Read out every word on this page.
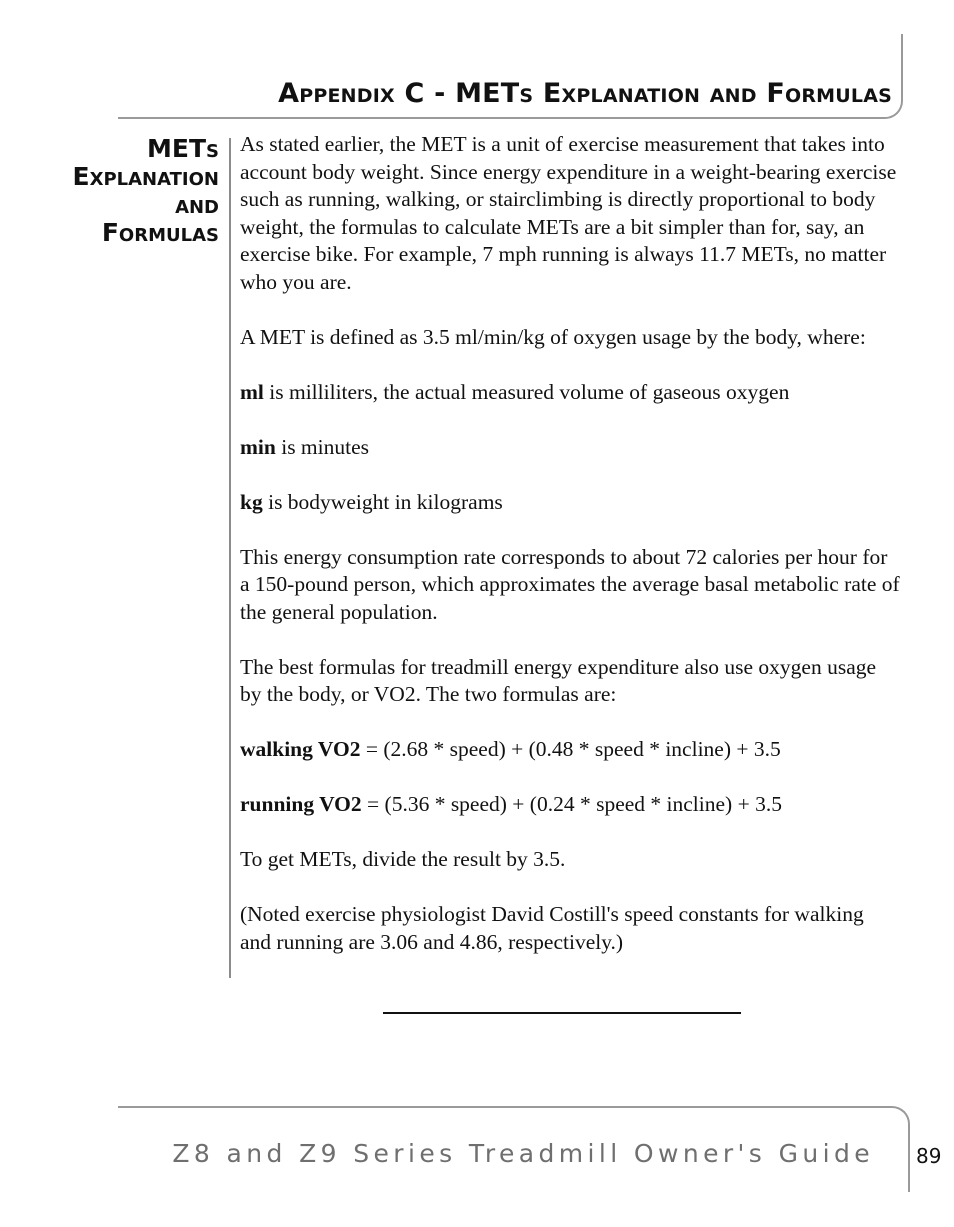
Appendix C - METs Explanation and Formulas
METs
Explanation
and
Formulas

As stated earlier, the MET is a unit of exercise measurement that takes into account body weight. Since energy expenditure in a weight-bearing exercise such as running, walking, or stairclimbing is directly proportional to body weight, the formulas to calculate METs are a bit simpler than for, say, an exercise bike. For example, 7 mph running is always 11.7 METs, no matter who you are.

A MET is defined as 3.5 ml/min/kg of oxygen usage by the body, where:

ml is milliliters, the actual measured volume of gaseous oxygen

min is minutes

kg is bodyweight in kilograms

This energy consumption rate corresponds to about 72 calories per hour for a 150-pound person, which approximates the average basal metabolic rate of the general population.

The best formulas for treadmill energy expenditure also use oxygen usage by the body, or VO2. The two formulas are:

walking VO2 = (2.68 * speed) + (0.48 * speed * incline) + 3.5

running VO2 = (5.36 * speed) + (0.24 * speed * incline) + 3.5

To get METs, divide the result by 3.5.

(Noted exercise physiologist David Costill's speed constants for walking and running are 3.06 and 4.86, respectively.)

Z8 and Z9 Series Treadmill Owner's Guide 89
